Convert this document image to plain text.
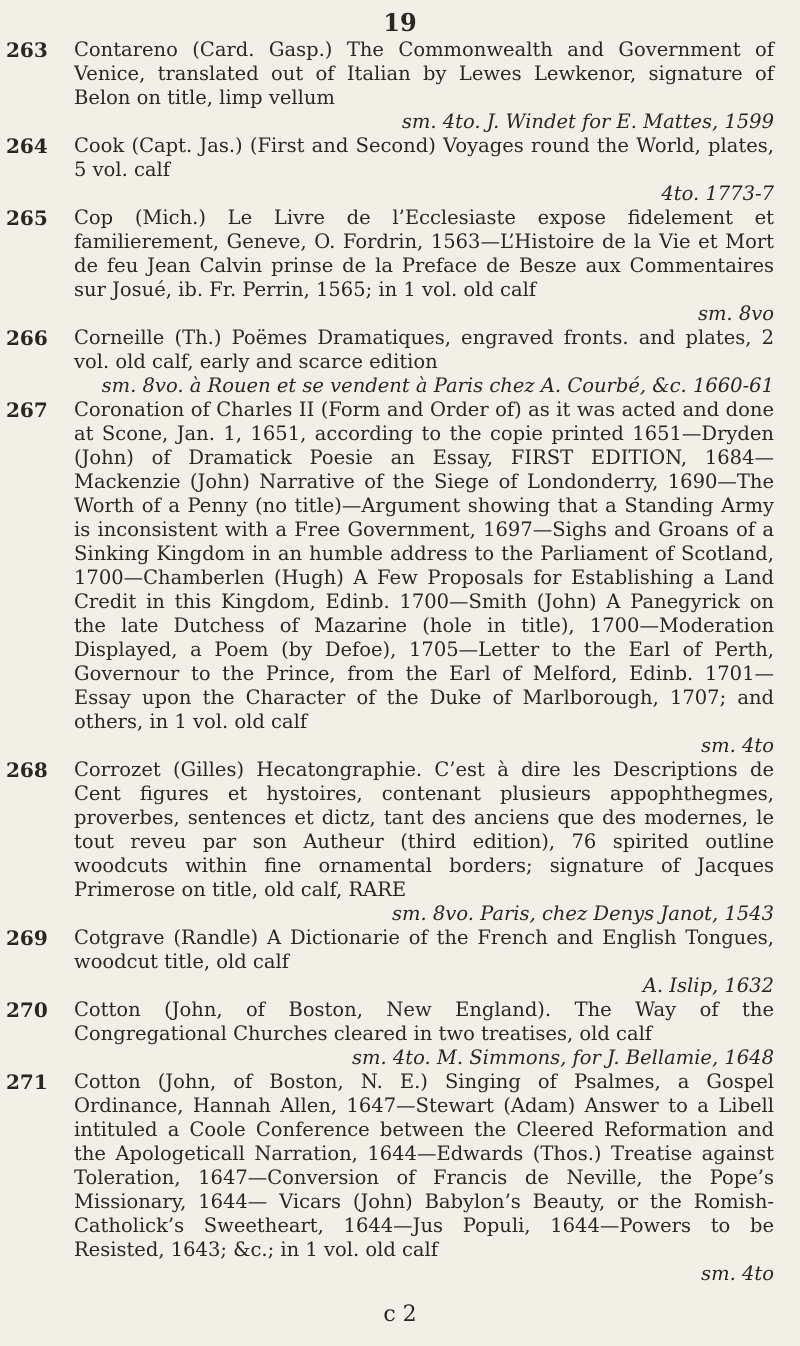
19
263	Contareno (Card. Gasp.) The Commonwealth and Government of Venice, translated out of Italian by Lewes Lewkenor, signature of Belon on title, limp vellum
sm. 4to. J. Windet for E. Mattes, 1599
264	Cook (Capt. Jas.) (First and Second) Voyages round the World, plates, 5 vol. calf
4to. 1773-7
265	Cop (Mich.) Le Livre de l’Ecclesiaste expose fidelement et familierement, Geneve, O. Fordrin, 1563—L’Histoire de la Vie et Mort de feu Jean Calvin prinse de la Preface de Besze aux Commentaires sur Josué, ib. Fr. Perrin, 1565; in 1 vol. old calf
sm. 8vo
266	Corneille (Th.) Poëmes Dramatiques, engraved fronts. and plates, 2 vol. old calf, early and scarce edition
sm. 8vo. à Rouen et se vendent à Paris chez A. Courbé, &c. 1660-61
267	Coronation of Charles II (Form and Order of) as it was acted and done at Scone, Jan. 1, 1651, according to the copie printed 1651—Dryden (John) of Dramatick Poesie an Essay, FIRST EDITION, 1684—Mackenzie (John) Narrative of the Siege of Londonderry, 1690—The Worth of a Penny (no title)—Argument showing that a Standing Army is inconsistent with a Free Government, 1697—Sighs and Groans of a Sinking Kingdom in an humble address to the Parliament of Scotland, 1700—Chamberlen (Hugh) A Few Proposals for Establishing a Land Credit in this Kingdom, Edinb. 1700—Smith (John) A Panegyrick on the late Dutchess of Mazarine (hole in title), 1700—Moderation Displayed, a Poem (by Defoe), 1705—Letter to the Earl of Perth, Governour to the Prince, from the Earl of Melford, Edinb. 1701—Essay upon the Character of the Duke of Marlborough, 1707; and others, in 1 vol. old calf
sm. 4to
268	Corrozet (Gilles) Hecatongraphie. C’est à dire les Descriptions de Cent figures et hystoires, contenant plusieurs appophthegmes, proverbes, sentences et dictz, tant des anciens que des modernes, le tout reveu par son Autheur (third edition), 76 spirited outline woodcuts within fine ornamental borders; signature of Jacques Primerose on title, old calf, RARE
sm. 8vo. Paris, chez Denys Janot, 1543
269	Cotgrave (Randle) A Dictionarie of the French and English Tongues, woodcut title, old calf
A. Islip, 1632
270	Cotton (John, of Boston, New England). The Way of the Congregational Churches cleared in two treatises, old calf
sm. 4to. M. Simmons, for J. Bellamie, 1648
271	Cotton (John, of Boston, N. E.) Singing of Psalmes, a Gospel Ordinance, Hannah Allen, 1647—Stewart (Adam) Answer to a Libell intituled a Coole Conference between the Cleered Reformation and the Apologeticall Narration, 1644—Edwards (Thos.) Treatise against Toleration, 1647—Conversion of Francis de Neville, the Pope’s Missionary, 1644— Vicars (John) Babylon’s Beauty, or the Romish-Catholick’s Sweetheart, 1644—Jus Populi, 1644—Powers to be Resisted, 1643; &c.; in 1 vol. old calf
sm. 4to
c 2
